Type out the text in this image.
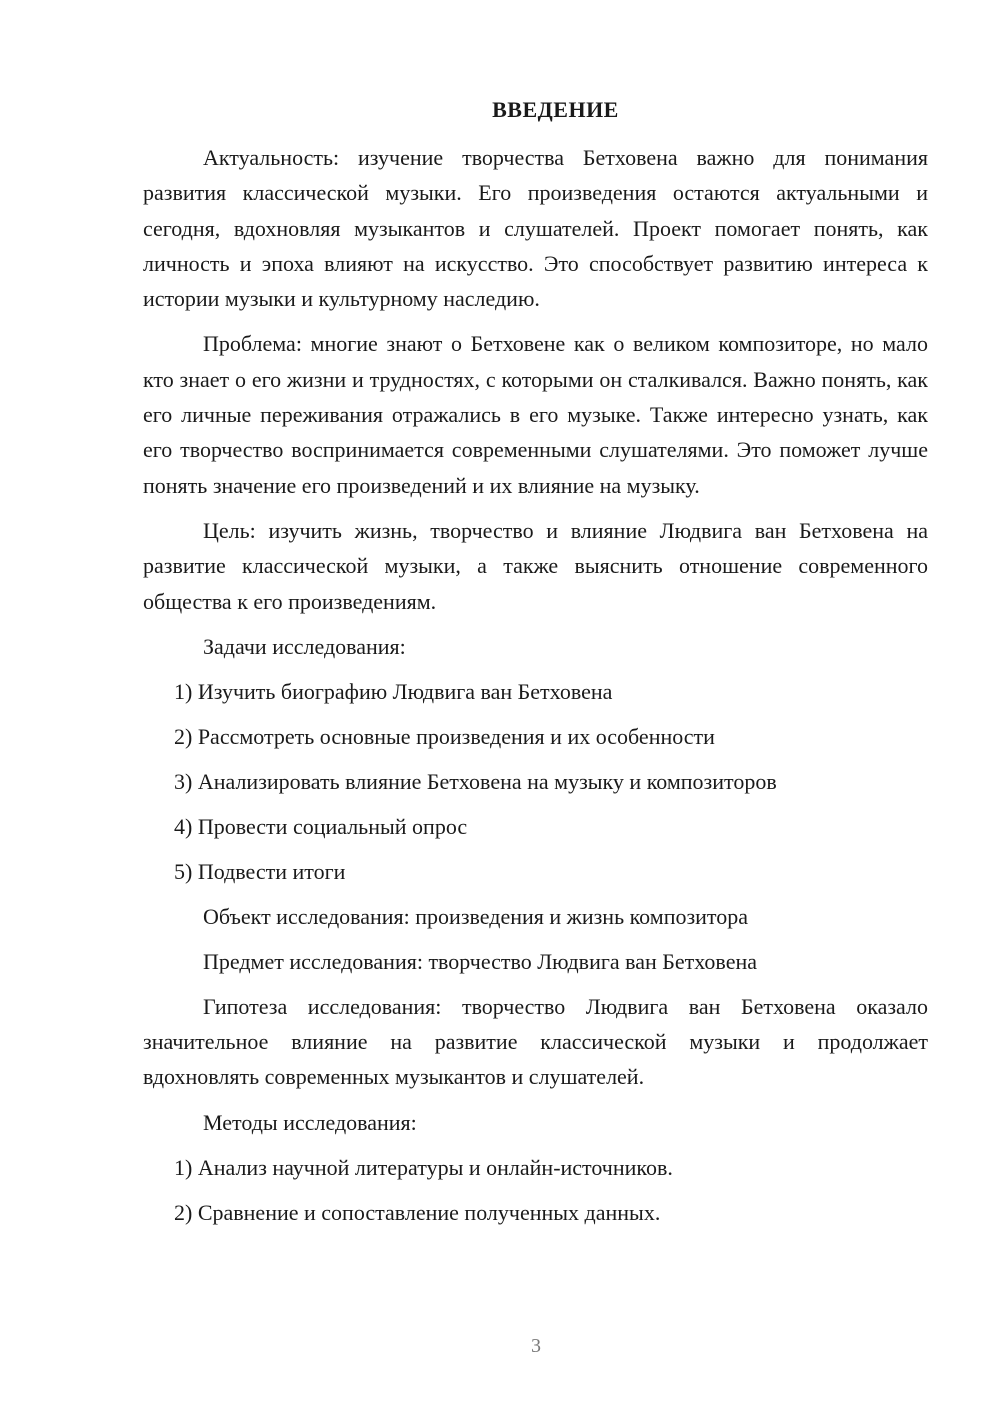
ВВЕДЕНИЕ

Актуальность: изучение творчества Бетховена важно для понимания развития классической музыки. Его произведения остаются актуальными и сегодня, вдохновляя музыкантов и слушателей. Проект помогает понять, как личность и эпоха влияют на искусство. Это способствует развитию интереса к истории музыки и культурному наследию.

Проблема: многие знают о Бетховене как о великом композиторе, но мало кто знает о его жизни и трудностях, с которыми он сталкивался. Важно понять, как его личные переживания отражались в его музыке. Также интересно узнать, как его творчество воспринимается современными слушателями. Это поможет лучше понять значение его произведений и их влияние на музыку.

Цель: изучить жизнь, творчество и влияние Людвига ван Бетховена на развитие классической музыки, а также выяснить отношение современного общества к его произведениям.

Задачи исследования:
1) Изучить биографию Людвига ван Бетховена
2) Рассмотреть основные произведения и их особенности
3) Анализировать влияние Бетховена на музыку и композиторов
4) Провести социальный опрос
5) Подвести итоги
Объект исследования: произведения и жизнь композитора
Предмет исследования: творчество Людвига ван Бетховена

Гипотеза исследования: творчество Людвига ван Бетховена оказало значительное влияние на развитие классической музыки и продолжает вдохновлять современных музыкантов и слушателей.

Методы исследования:
1) Анализ научной литературы и онлайн-источников.
2) Сравнение и сопоставление полученных данных.
3
